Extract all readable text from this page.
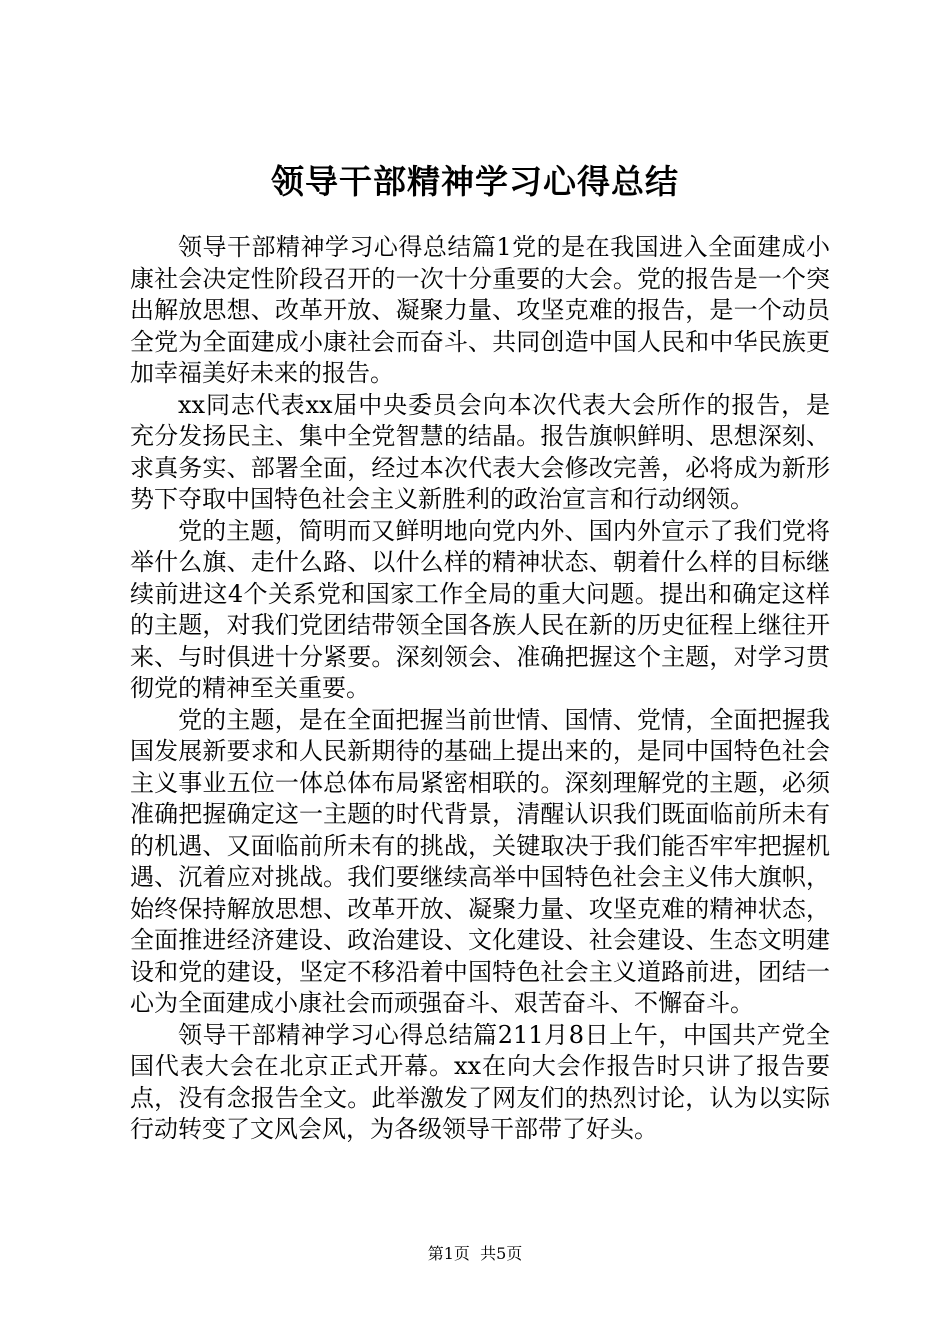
领导干部精神学习心得总结

领导干部精神学习心得总结篇1党的是在我国进入全面建成小康社会决定性阶段召开的一次十分重要的大会。党的报告是一个突出解放思想、改革开放、凝聚力量、攻坚克难的报告，是一个动员全党为全面建成小康社会而奋斗、共同创造中国人民和中华民族更加幸福美好未来的报告。

xx同志代表xx届中央委员会向本次代表大会所作的报告，是充分发扬民主、集中全党智慧的结晶。报告旗帜鲜明、思想深刻、求真务实、部署全面，经过本次代表大会修改完善，必将成为新形势下夺取中国特色社会主义新胜利的政治宣言和行动纲领。

党的主题，简明而又鲜明地向党内外、国内外宣示了我们党将举什么旗、走什么路、以什么样的精神状态、朝着什么样的目标继续前进这4个关系党和国家工作全局的重大问题。提出和确定这样的主题，对我们党团结带领全国各族人民在新的历史征程上继往开来、与时俱进十分紧要。深刻领会、准确把握这个主题，对学习贯彻党的精神至关重要。

党的主题，是在全面把握当前世情、国情、党情，全面把握我国发展新要求和人民新期待的基础上提出来的，是同中国特色社会主义事业五位一体总体布局紧密相联的。深刻理解党的主题，必须准确把握确定这一主题的时代背景，清醒认识我们既面临前所未有的机遇、又面临前所未有的挑战，关键取决于我们能否牢牢把握机遇、沉着应对挑战。我们要继续高举中国特色社会主义伟大旗帜，始终保持解放思想、改革开放、凝聚力量、攻坚克难的精神状态，全面推进经济建设、政治建设、文化建设、社会建设、生态文明建设和党的建设，坚定不移沿着中国特色社会主义道路前进，团结一心为全面建成小康社会而顽强奋斗、艰苦奋斗、不懈奋斗。

领导干部精神学习心得总结篇211月8日上午，中国共产党全国代表大会在北京正式开幕。xx在向大会作报告时只讲了报告要点，没有念报告全文。此举激发了网友们的热烈讨论，认为以实际行动转变了文风会风，为各级领导干部带了好头。

第1页 共5页
